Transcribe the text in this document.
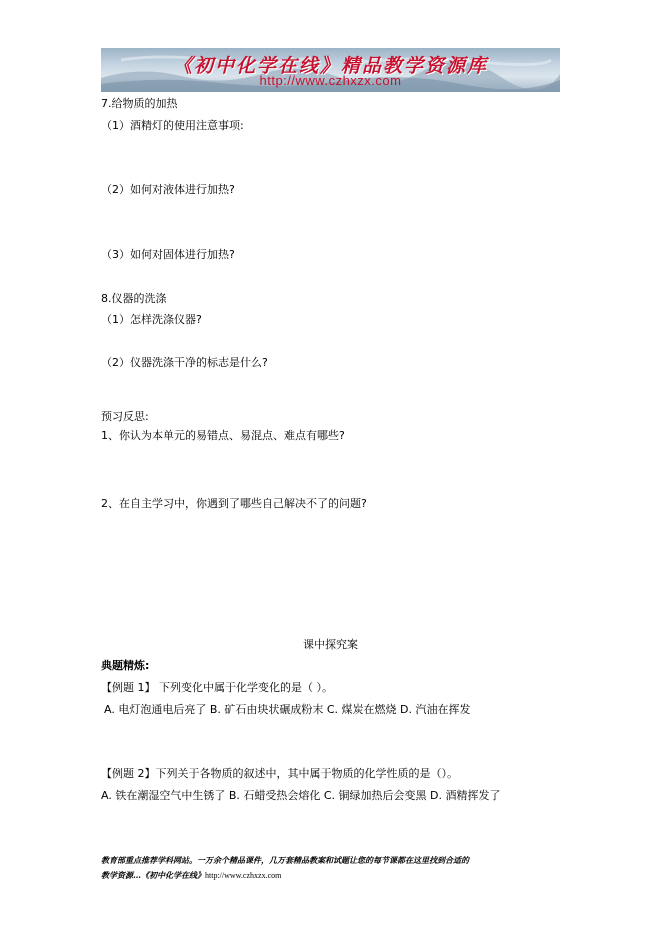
《初中化学在线》精品教学资源库
http://www.czhxzx.com
7.给物质的加热
（1）酒精灯的使用注意事项:
（2）如何对液体进行加热?
（3）如何对固体进行加热?
8.仪器的洗涤
（1）怎样洗涤仪器?
（2）仪器洗涤干净的标志是什么?
预习反思:
1、你认为本单元的易错点、易混点、难点有哪些?
2、在自主学习中，你遇到了哪些自己解决不了的问题?
课中探究案
典题精炼:
【例题 1】 下列变化中属于化学变化的是（ ）。
A. 电灯泡通电后亮了 B. 矿石由块状碾成粉末 C. 煤炭在燃烧 D. 汽油在挥发
【例题 2】下列关于各物质的叙述中，其中属于物质的化学性质的是（）。
A. 铁在潮湿空气中生锈了 B. 石蜡受热会熔化 C. 铜绿加热后会变黑 D. 酒精挥发了
教育部重点推荐学科网站。一万余个精品课件，几万套精品教案和试题让您的每节课都在这里找到合适的
教学资源…《初中化学在线》http://www.czhxzx.com
